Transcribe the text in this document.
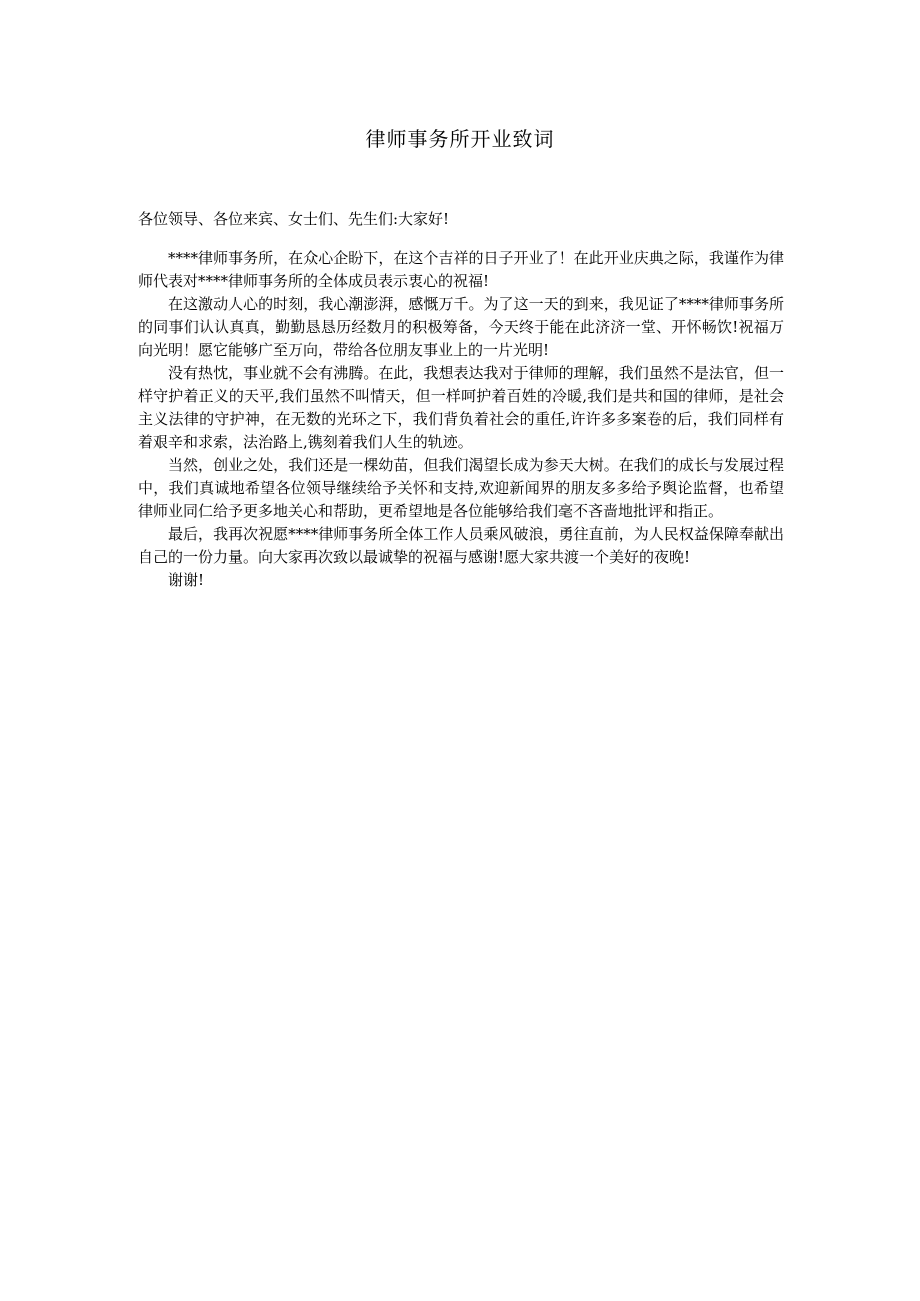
律师事务所开业致词

各位领导、各位来宾、女士们、先生们:大家好!

****律师事务所，在众心企盼下，在这个吉祥的日子开业了！在此开业庆典之际，我谨作为律师代表对****律师事务所的全体成员表示衷心的祝福!

在这激动人心的时刻，我心潮澎湃，感慨万千。为了这一天的到来，我见证了****律师事务所的同事们认认真真，勤勤恳恳历经数月的积极筹备，今天终于能在此济济一堂、开怀畅饮!祝福万向光明！愿它能够广至万向，带给各位朋友事业上的一片光明!

没有热忱，事业就不会有沸腾。在此，我想表达我对于律师的理解，我们虽然不是法官，但一样守护着正义的天平,我们虽然不叫情天，但一样呵护着百姓的冷暖,我们是共和国的律师，是社会主义法律的守护神，在无数的光环之下，我们背负着社会的重任,许许多多案卷的后，我们同样有着艰辛和求索，法治路上,镌刻着我们人生的轨迹。

当然，创业之处，我们还是一棵幼苗，但我们渴望长成为参天大树。在我们的成长与发展过程中，我们真诚地希望各位领导继续给予关怀和支持,欢迎新闻界的朋友多多给予舆论监督，也希望律师业同仁给予更多地关心和帮助，更希望地是各位能够给我们毫不吝啬地批评和指正。

最后，我再次祝愿****律师事务所全体工作人员乘风破浪，勇往直前，为人民权益保障奉献出自己的一份力量。向大家再次致以最诚挚的祝福与感谢!愿大家共渡一个美好的夜晚!

谢谢!
